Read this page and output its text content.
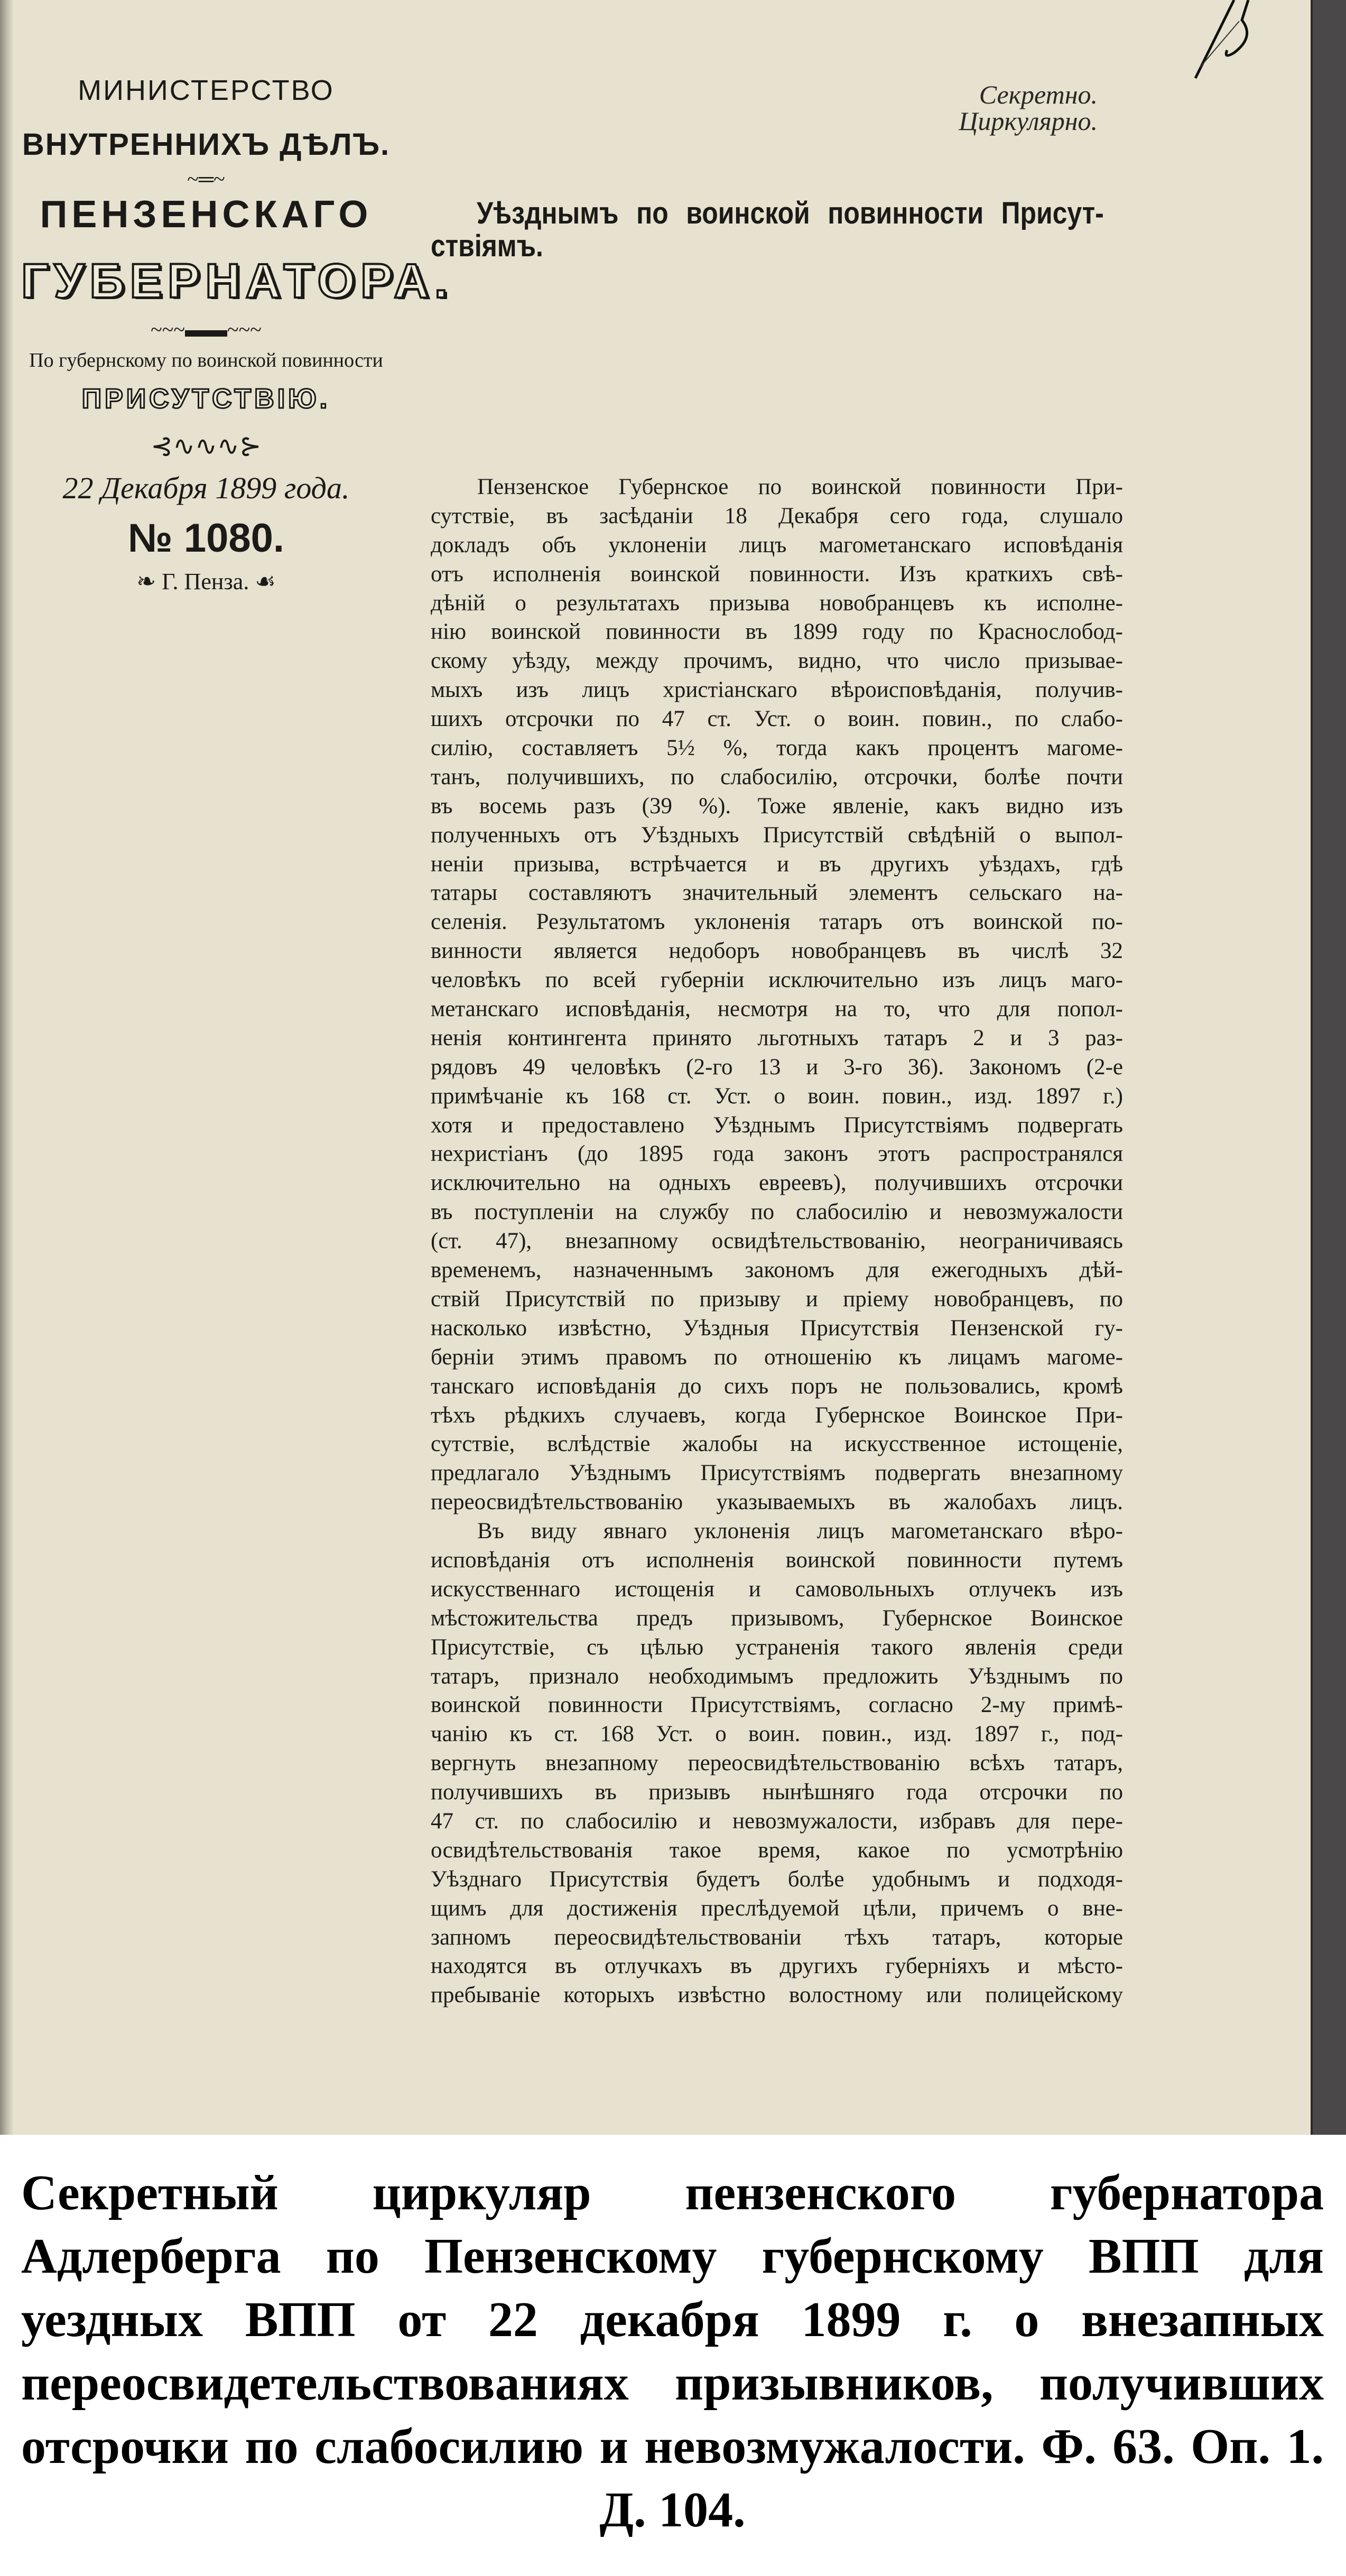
МИНИСТЕРСТВО
ВНУТРЕННИХЪ ДѢЛЪ.
~═~
ПЕНЗЕНСКАГО
ГУБЕРНАТОРА.
~~~▬▬~~~
По губернскому по воинской повинности
ПРИСУТСТВІЮ.
⊰∿∿∿⊱
22 Декабря 1899 года.
№ 1080.
❧ Г. Пенза. ☙
Секретно.
Циркулярно.
Уѣзднымъ по воинской повинности Присут-
ствіямъ.
Пензенское Губернское по воинской повинности При-
сутствіе, въ засѣданіи 18 Декабря сего года, слушало
докладъ объ уклоненіи лицъ магометанскаго исповѣданія
отъ исполненія воинской повинности. Изъ краткихъ свѣ-
дѣній о результатахъ призыва новобранцевъ къ исполне-
нію воинской повинности въ 1899 году по Краснослобод-
скому уѣзду, между прочимъ, видно, что число призывае-
мыхъ изъ лицъ христіанскаго вѣроисповѣданія, получив-
шихъ отсрочки по 47 ст. Уст. о воин. повин., по слабо-
силію, составляетъ 5½ %, тогда какъ процентъ магоме-
танъ, получившихъ, по слабосилію, отсрочки, болѣе почти
въ восемь разъ (39 %). Тоже явленіе, какъ видно изъ
полученныхъ отъ Уѣздныхъ Присутствій свѣдѣній о выпол-
неніи призыва, встрѣчается и въ другихъ уѣздахъ, гдѣ
татары составляютъ значительный элементъ сельскаго на-
селенія. Результатомъ уклоненія татаръ отъ воинской по-
винности является недоборъ новобранцевъ въ числѣ 32
человѣкъ по всей губерніи исключительно изъ лицъ маго-
метанскаго исповѣданія, несмотря на то, что для попол-
ненія контингента принято льготныхъ татаръ 2 и 3 раз-
рядовъ 49 человѣкъ (2-го 13 и 3-го 36). Закономъ (2-е
примѣчаніе къ 168 ст. Уст. о воин. повин., изд. 1897 г.)
хотя и предоставлено Уѣзднымъ Присутствіямъ подвергать
нехристіанъ (до 1895 года законъ этотъ распространялся
исключительно на одныхъ евреевъ), получившихъ отсрочки
въ поступленіи на службу по слабосилію и невозмужалости
(ст. 47), внезапному освидѣтельствованію, неограничиваясь
временемъ, назначеннымъ закономъ для ежегодныхъ дѣй-
ствій Присутствій по призыву и пріему новобранцевъ, по
насколько извѣстно, Уѣздныя Присутствія Пензенской гу-
берніи этимъ правомъ по отношенію къ лицамъ магоме-
танскаго исповѣданія до сихъ поръ не пользовались, кромѣ
тѣхъ рѣдкихъ случаевъ, когда Губернское Воинское При-
сутствіе, вслѣдствіе жалобы на искусственное истощеніе,
предлагало Уѣзднымъ Присутствіямъ подвергать внезапному
переосвидѣтельствованію указываемыхъ въ жалобахъ лицъ.
Въ виду явнаго уклоненія лицъ магометанскаго вѣро-
исповѣданія отъ исполненія воинской повинности путемъ
искусственнаго истощенія и самовольныхъ отлучекъ изъ
мѣстожительства предъ призывомъ, Губернское Воинское
Присутствіе, съ цѣлью устраненія такого явленія среди
татаръ, признало необходимымъ предложить Уѣзднымъ по
воинской повинности Присутствіямъ, согласно 2-му примѣ-
чанію къ ст. 168 Уст. о воин. повин., изд. 1897 г., под-
вергнуть внезапному переосвидѣтельствованію всѣхъ татаръ,
получившихъ въ призывъ нынѣшняго года отсрочки по
47 ст. по слабосилію и невозмужалости, избравъ для пере-
освидѣтельствованія такое время, какое по усмотрѣнію
Уѣзднаго Присутствія будетъ болѣе удобнымъ и подходя-
щимъ для достиженія преслѣдуемой цѣли, причемъ о вне-
запномъ переосвидѣтельствованіи тѣхъ татаръ, которые
находятся въ отлучкахъ въ другихъ губерніяхъ и мѣсто-
пребываніе которыхъ извѣстно волостному или полицейскому
Секретный циркуляр пензенского губернатора Адлерберга по Пензенскому губернскому ВПП для уездных ВПП от 22 декабря 1899 г. о внезапных переосвидетельствованиях призывников, получивших отсрочки по слабосилию и невозмужалости. Ф. 63. Оп. 1. Д. 104.
